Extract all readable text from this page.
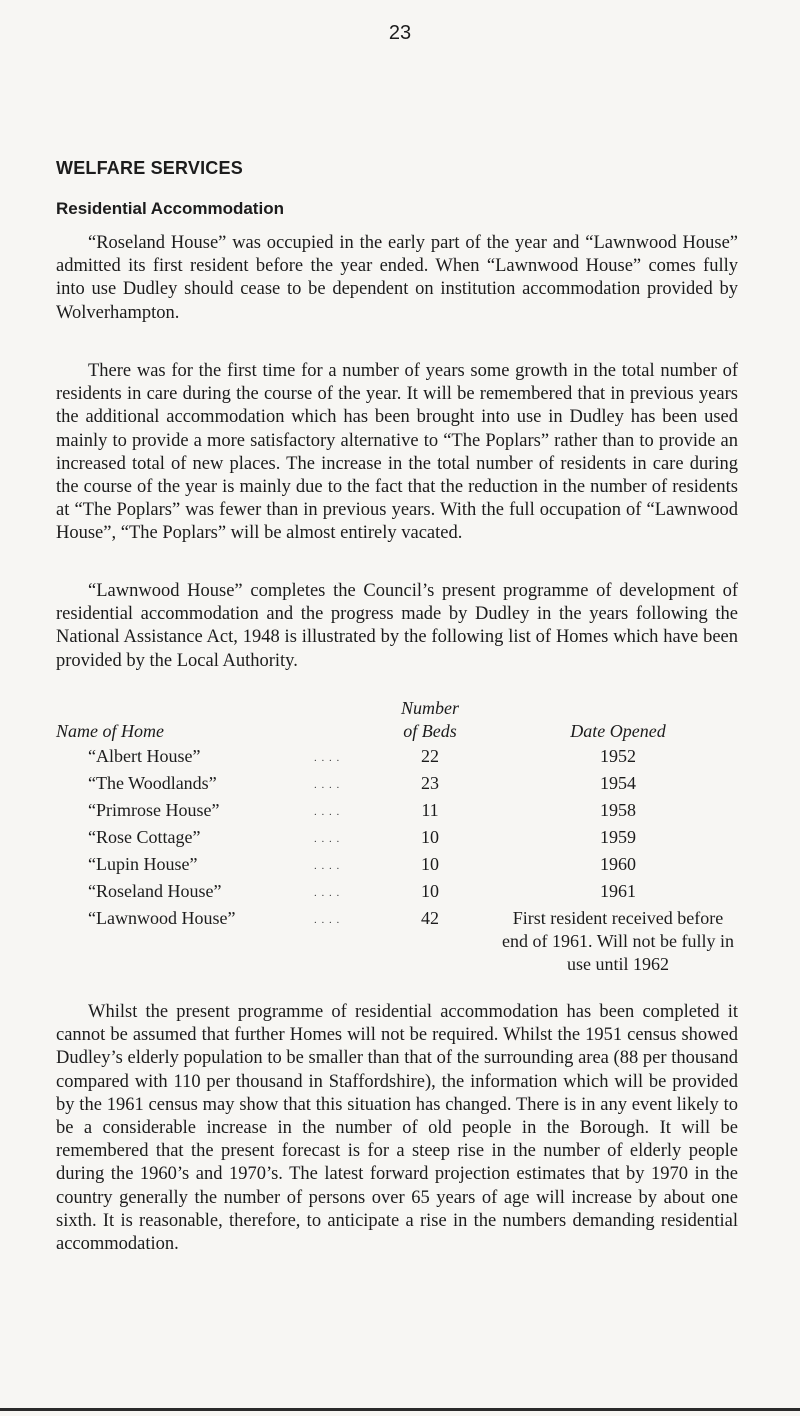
23
WELFARE SERVICES
Residential Accommodation

“Roseland House” was occupied in the early part of the year and “Lawnwood House” admitted its first resident before the year ended. When “Lawnwood House” comes fully into use Dudley should cease to be dependent on institution accommodation provided by Wolverhampton.

There was for the first time for a number of years some growth in the total number of residents in care during the course of the year. It will be remembered that in previous years the additional accommodation which has been brought into use in Dudley has been used mainly to provide a more satisfactory alternative to “The Poplars” rather than to provide an increased total of new places. The increase in the total number of residents in care during the course of the year is mainly due to the fact that the reduction in the number of residents at “The Poplars” was fewer than in previous years. With the full occupation of “Lawnwood House”, “The Poplars” will be almost entirely vacated.

“Lawnwood House” completes the Council’s present programme of development of residential accommodation and the progress made by Dudley in the years following the National Assistance Act, 1948 is illustrated by the following list of Homes which have been provided by the Local Authority.

Name of Home
Number
of Beds	Date Opened
“Albert House”	. . . .	22	1952
“The Woodlands”	. . . .	23	1954
“Primrose House”	. . . .	11	1958
“Rose Cottage”	. . . .	10	1959
“Lupin House”	. . . .	10	1960
“Roseland House”	. . . .	10	1961
“Lawnwood House”	. . . .	42	First resident received before end of 1961. Will not be fully in use until 1962

Whilst the present programme of residential accommodation has been completed it cannot be assumed that further Homes will not be required. Whilst the 1951 census showed Dudley’s elderly population to be smaller than that of the surrounding area (88 per thousand compared with 110 per thousand in Staffordshire), the information which will be provided by the 1961 census may show that this situation has changed. There is in any event likely to be a considerable increase in the number of old people in the Borough. It will be remembered that the present forecast is for a steep rise in the number of elderly people during the 1960’s and 1970’s. The latest forward projection estimates that by 1970 in the country generally the number of persons over 65 years of age will increase by about one sixth. It is reasonable, therefore, to anticipate a rise in the numbers demanding residential accommodation.
